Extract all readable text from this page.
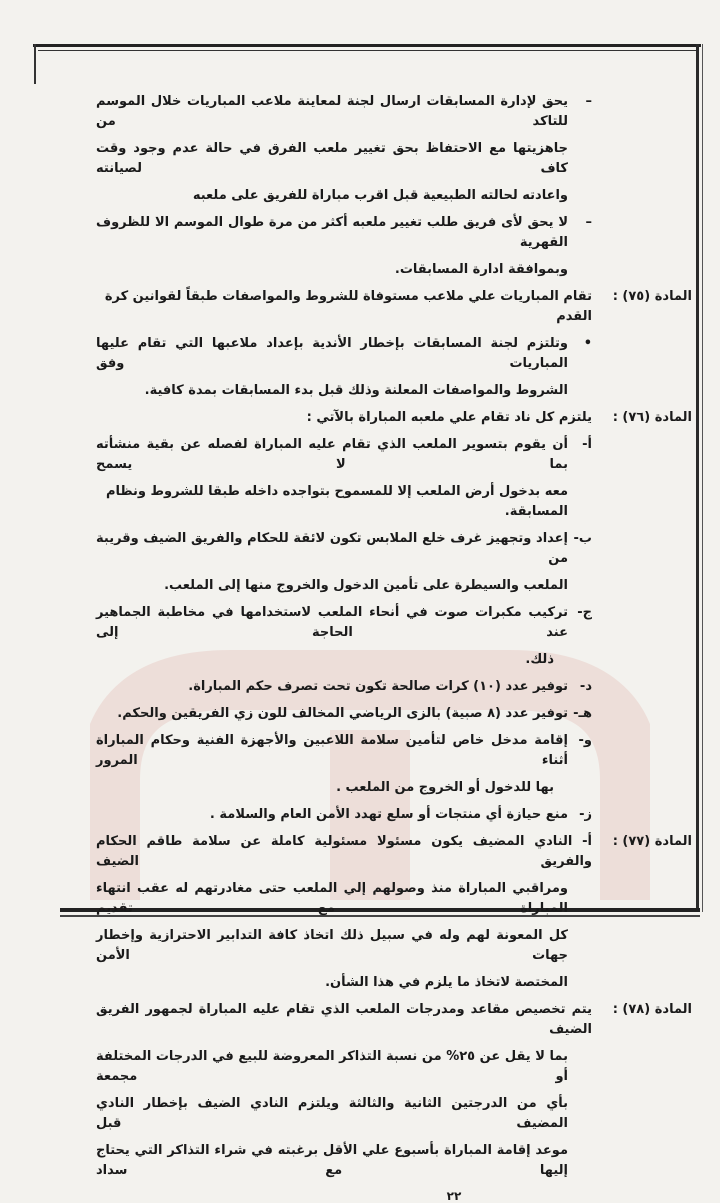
–
يحق لإدارة المسابقات ارسال لجنة لمعاينة ملاعب المباريات خلال الموسم للتاكد من
جاهزيتها مع الاحتفاظ بحق تغيير ملعب الفرق في حالة عدم وجود وقت كاف لصيانته
واعادته لحالته الطبيعية قبل اقرب مباراة للفريق على ملعبه
–
لا يحق لأى فريق طلب تغيير ملعبه أكثر من مرة طوال الموسم الا للظروف القهرية
وبموافقة ادارة المسابقات.
المادة (٧٥) :
تقام المباريات علي ملاعب مستوفاة للشروط والمواصفات طبقاً لقوانين كرة القدم
•
وتلتزم لجنة المسابقات بإخطار الأندية بإعداد ملاعبها التي تقام عليها المباريات وفق
الشروط والمواصفات المعلنة وذلك قبل بدء المسابقات بمدة كافية.
المادة (٧٦) :
يلتزم كل ناد تقام علي ملعبه المباراة بالآتي :
أ-
أن يقوم بتسوير الملعب الذي تقام عليه المباراة لفصله عن بقية منشأته بما لا يسمح
معه بدخول أرض الملعب إلا للمسموح بتواجده داخله طبقا للشروط ونظام المسابقة.
ب-
إعداد وتجهيز غرف خلع الملابس تكون لائقة للحكام والفريق الضيف وقريبة من
الملعب والسيطرة على تأمين الدخول والخروج منها إلى الملعب.
ج-
تركيب مكبرات صوت في أنحاء الملعب لاستخدامها في مخاطبة الجماهير عند الحاجة إلى
ذلك.
د-
توفير عدد (١٠) كرات صالحة تكون تحت تصرف حكم المباراة.
هـ-
توفير عدد (٨ صبية) بالزى الرياضي المخالف للون زي الفريقين والحكم.
و-
إقامة مدخل خاص لتأمين سلامة اللاعبين والأجهزة الفنية وحكام المباراة أثناء المرور
بها للدخول أو الخروج من الملعب .
ز-
منع حيازة أي منتجات أو سلع تهدد الأمن العام والسلامة .
المادة (٧٧) :
أ- النادي المضيف يكون مسئولا مسئولية كاملة عن سلامة طاقم الحكام والفريق الضيف
ومراقبي المباراة منذ وصولهم إلي الملعب حتى مغادرتهم له عقب انتهاء المباراة مع تقديم
كل المعونة لهم وله في سبيل ذلك اتخاذ كافة التدابير الاحترازية وإخطار جهات الأمن
المختصة لاتخاذ ما يلزم في هذا الشأن.
المادة (٧٨) :
يتم تخصيص مقاعد ومدرجات الملعب الذي تقام عليه المباراة لجمهور الفريق الضيف
بما لا يقل عن ٢٥% من نسبة التذاكر المعروضة للبيع في الدرجات المختلفة أو مجمعة
بأي من الدرجتين الثانية والثالثة ويلتزم النادي الضيف بإخطار النادي المضيف قبل
موعد إقامة المباراة بأسبوع علي الأقل برغبته في شراء التذاكر التي يحتاج إليها مع سداد
٢٢
